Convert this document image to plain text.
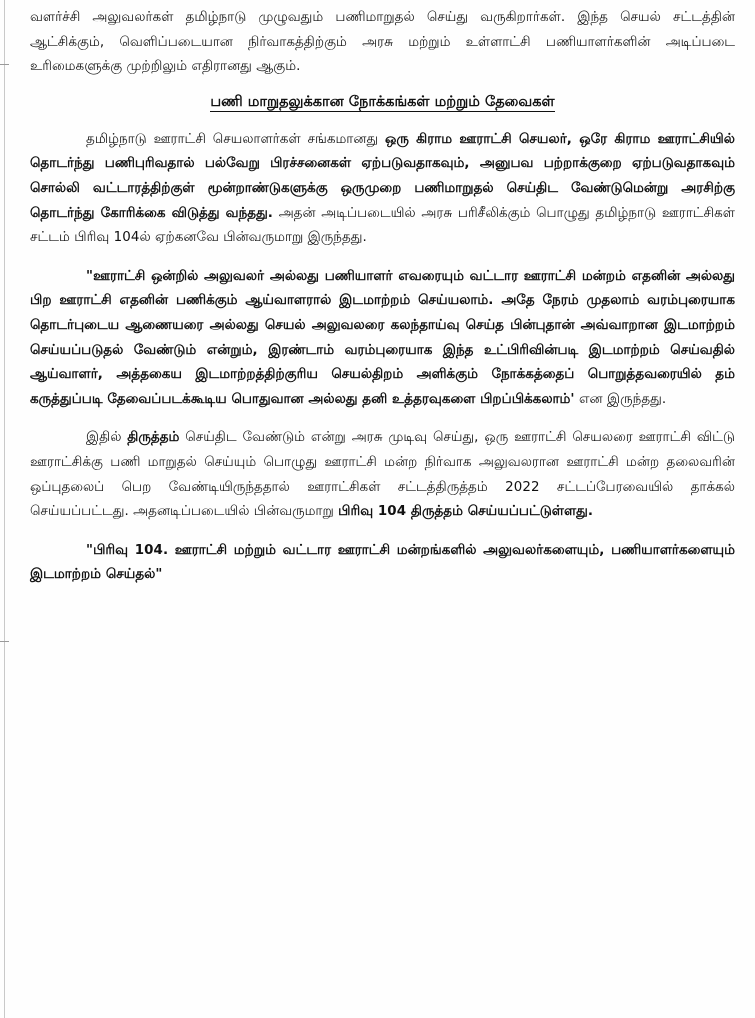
வளர்ச்சி அலுவலர்கள் தமிழ்நாடு முழுவதும் பணிமாறுதல் செய்து வருகிறார்கள். இந்த செயல் சட்டத்தின் ஆட்சிக்கும், வெளிப்படையான நிர்வாகத்திற்கும் அரசு மற்றும் உள்ளாட்சி பணியாளர்களின் அடிப்படை உரிமைகளுக்கு முற்றிலும் எதிரானது ஆகும்.

பணி மாறுதலுக்கான நோக்கங்கள் மற்றும் தேவைகள்

தமிழ்நாடு ஊராட்சி செயலாளர்கள் சங்கமானது ஒரு கிராம ஊராட்சி செயலர், ஒரே கிராம ஊராட்சியில் தொடர்ந்து பணிபுரிவதால் பல்வேறு பிரச்சனைகள் ஏற்படுவதாகவும், அனுபவ பற்றாக்குறை ஏற்படுவதாகவும் சொல்லி வட்டாரத்திற்குள் மூன்றாண்டுகளுக்கு ஒருமுறை பணிமாறுதல் செய்திட வேண்டுமென்று அரசிற்கு தொடர்ந்து கோரிக்கை விடுத்து வந்தது. அதன் அடிப்படையில் அரசு பரிசீலிக்கும் பொழுது தமிழ்நாடு ஊராட்சிகள் சட்டம் பிரிவு 104ல் ஏற்கனவே பின்வருமாறு இருந்தது.

"ஊராட்சி ஒன்றில் அலுவலர் அல்லது பணியாளர் எவரையும் வட்டார ஊராட்சி மன்றம் எதனின் அல்லது பிற ஊராட்சி எதனின் பணிக்கும் ஆய்வாளரால் இடமாற்றம் செய்யலாம். அதே நேரம் முதலாம் வரம்புரையாக தொடர்புடைய ஆணையரை அல்லது செயல் அலுவலரை கலந்தாய்வு செய்த பின்புதான் அவ்வாறான இடமாற்றம் செய்யப்படுதல் வேண்டும் என்றும், இரண்டாம் வரம்புரையாக இந்த உட்பிரிவின்படி இடமாற்றம் செய்வதில் ஆய்வாளர், அத்தகைய இடமாற்றத்திற்குரிய செயல்திறம் அளிக்கும் நோக்கத்தைப் பொறுத்தவரையில் தம் கருத்துப்படி தேவைப்படக்கூடிய பொதுவான அல்லது தனி உத்தரவுகளை பிறப்பிக்கலாம்' என இருந்தது.

இதில் திருத்தம் செய்திட வேண்டும் என்று அரசு முடிவு செய்து, ஒரு ஊராட்சி செயலரை ஊராட்சி விட்டு ஊராட்சிக்கு பணி மாறுதல் செய்யும் பொழுது ஊராட்சி மன்ற நிர்வாக அலுவலரான ஊராட்சி மன்ற தலைவரின் ஒப்புதலைப் பெற வேண்டியிருந்ததால் ஊராட்சிகள் சட்டத்திருத்தம் 2022 சட்டப்பேரவையில் தாக்கல் செய்யப்பட்டது. அதனடிப்படையில் பின்வருமாறு பிரிவு 104 திருத்தம் செய்யப்பட்டுள்ளது.

"பிரிவு 104. ஊராட்சி மற்றும் வட்டார ஊராட்சி மன்றங்களில் அலுவலர்களையும், பணியாளர்களையும் இடமாற்றம் செய்தல்"
